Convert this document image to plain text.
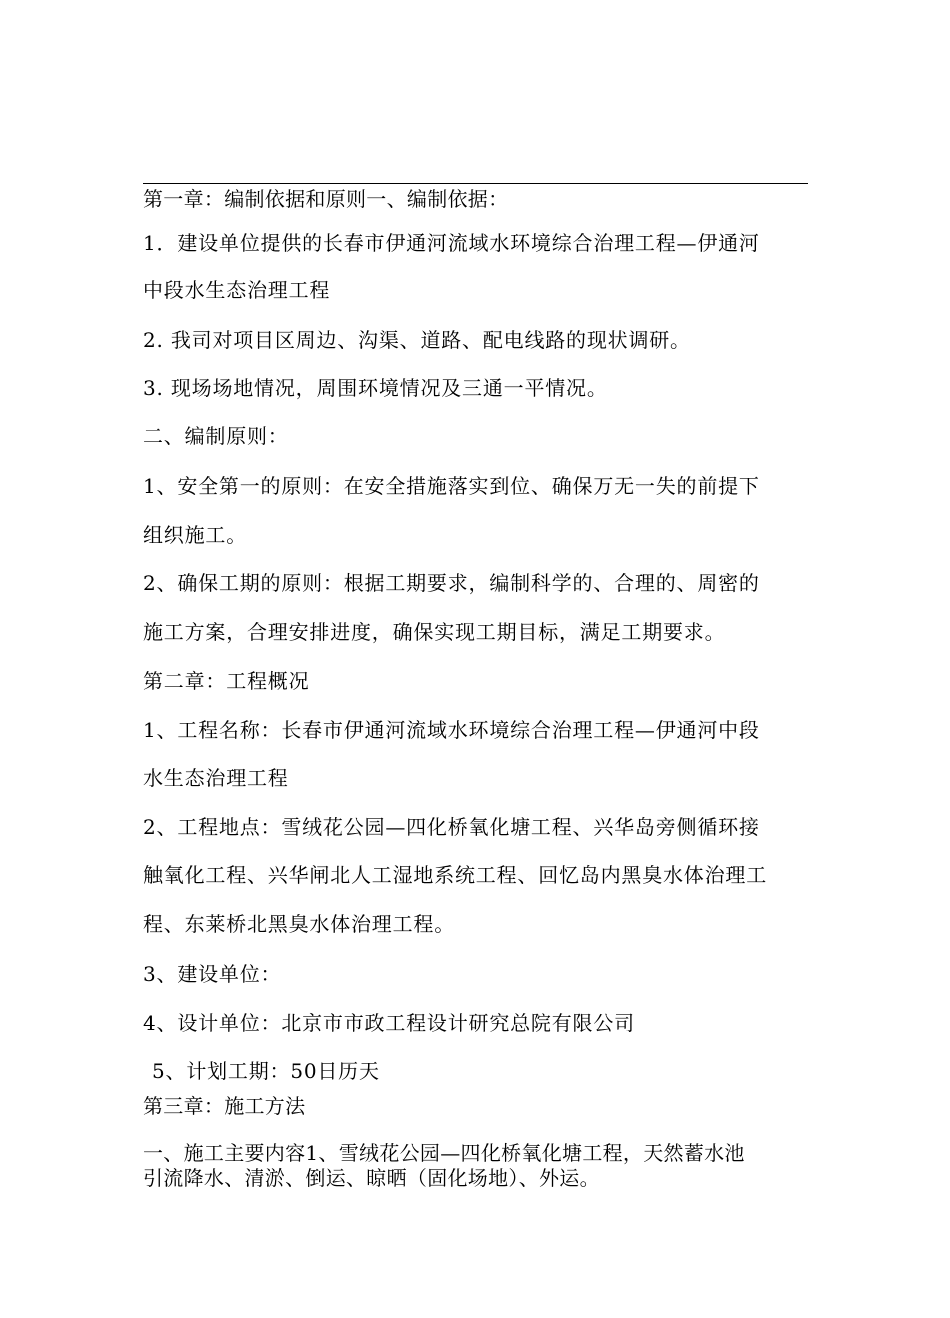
第一章：编制依据和原则一、编制依据：
1．建设单位提供的长春市伊通河流域水环境综合治理工程—伊通河
中段水生态治理工程
2. 我司对项目区周边、沟渠、道路、配电线路的现状调研。
3. 现场场地情况，周围环境情况及三通一平情况。
二、编制原则：
1、安全第一的原则：在安全措施落实到位、确保万无一失的前提下
组织施工。
2、确保工期的原则：根据工期要求，编制科学的、合理的、周密的
施工方案，合理安排进度，确保实现工期目标，满足工期要求。
第二章：工程概况
1、工程名称：长春市伊通河流域水环境综合治理工程—伊通河中段
水生态治理工程
2、工程地点：雪绒花公园—四化桥氧化塘工程、兴华岛旁侧循环接
触氧化工程、兴华闸北人工湿地系统工程、回忆岛内黑臭水体治理工
程、东莱桥北黑臭水体治理工程。
3、建设单位：
4、设计单位：北京市市政工程设计研究总院有限公司
5、计划工期：50日历天
第三章：施工方法
一、施工主要内容1、雪绒花公园—四化桥氧化塘工程，天然蓄水池
引流降水、清淤、倒运、晾晒（固化场地）、外运。
